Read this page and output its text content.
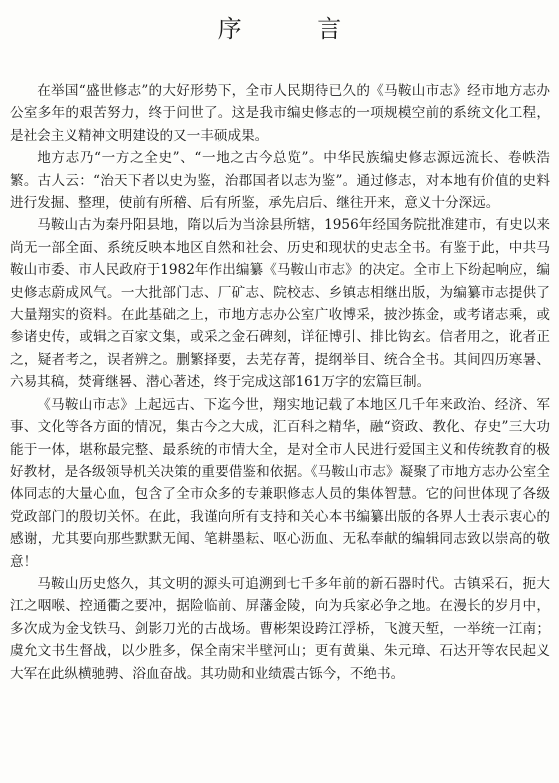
序 言

在举国“盛世修志”的大好形势下，全市人民期待已久的《马鞍山市志》经市地方志办公室多年的艰苦努力，终于问世了。这是我市编史修志的一项规模空前的系统文化工程，是社会主义精神文明建设的又一丰硕成果。

地方志乃“一方之全史”、“一地之古今总览”。中华民族编史修志源远流长、卷帙浩繁。古人云：“治天下者以史为鉴，治郡国者以志为鉴”。通过修志，对本地有价值的史料进行发掘、整理，使前有所稽、后有所鉴，承先启后、继往开来，意义十分深远。

马鞍山古为秦丹阳县地，隋以后为当涂县所辖，1956年经国务院批准建市，有史以来尚无一部全面、系统反映本地区自然和社会、历史和现状的史志全书。有鉴于此，中共马鞍山市委、市人民政府于1982年作出编纂《马鞍山市志》的决定。全市上下纷起响应，编史修志蔚成风气。一大批部门志、厂矿志、院校志、乡镇志相继出版，为编纂市志提供了大量翔实的资料。在此基础之上，市地方志办公室广收博采，披沙拣金，或考诸志乘，或参诸史传，或辑之百家文集，或采之金石碑刻，详征博引、排比钩玄。信者用之，讹者正之，疑者考之，误者辨之。删繁择要，去芜存菁，提纲举目、统合全书。其间四历寒暑、六易其稿，焚膏继晷、潜心著述，终于完成这部161万字的宏篇巨制。

《马鞍山市志》上起远古、下迄今世，翔实地记载了本地区几千年来政治、经济、军事、文化等各方面的情况，集古今之大成，汇百科之精华，融“资政、教化、存史”三大功能于一体，堪称最完整、最系统的市情大全，是对全市人民进行爱国主义和传统教育的极好教材，是各级领导机关决策的重要借鉴和依据。《马鞍山市志》凝聚了市地方志办公室全体同志的大量心血，包含了全市众多的专兼职修志人员的集体智慧。它的问世体现了各级党政部门的殷切关怀。在此，我谨向所有支持和关心本书编纂出版的各界人士表示衷心的感谢，尤其要向那些默默无闻、笔耕墨耘、呕心沥血、无私奉献的编辑同志致以崇高的敬意！

马鞍山历史悠久，其文明的源头可追溯到七千多年前的新石器时代。古镇采石，扼大江之咽喉、控通衢之要冲，据险临前、屏藩金陵，向为兵家必争之地。在漫长的岁月中，多次成为金戈铁马、剑影刀光的古战场。曹彬架设跨江浮桥，飞渡天堑，一举统一江南；虞允文书生督战，以少胜多，保全南宋半壁河山；更有黄巢、朱元璋、石达开等农民起义大军在此纵横驰骋、浴血奋战。其功勋和业绩震古铄今，不绝书。
